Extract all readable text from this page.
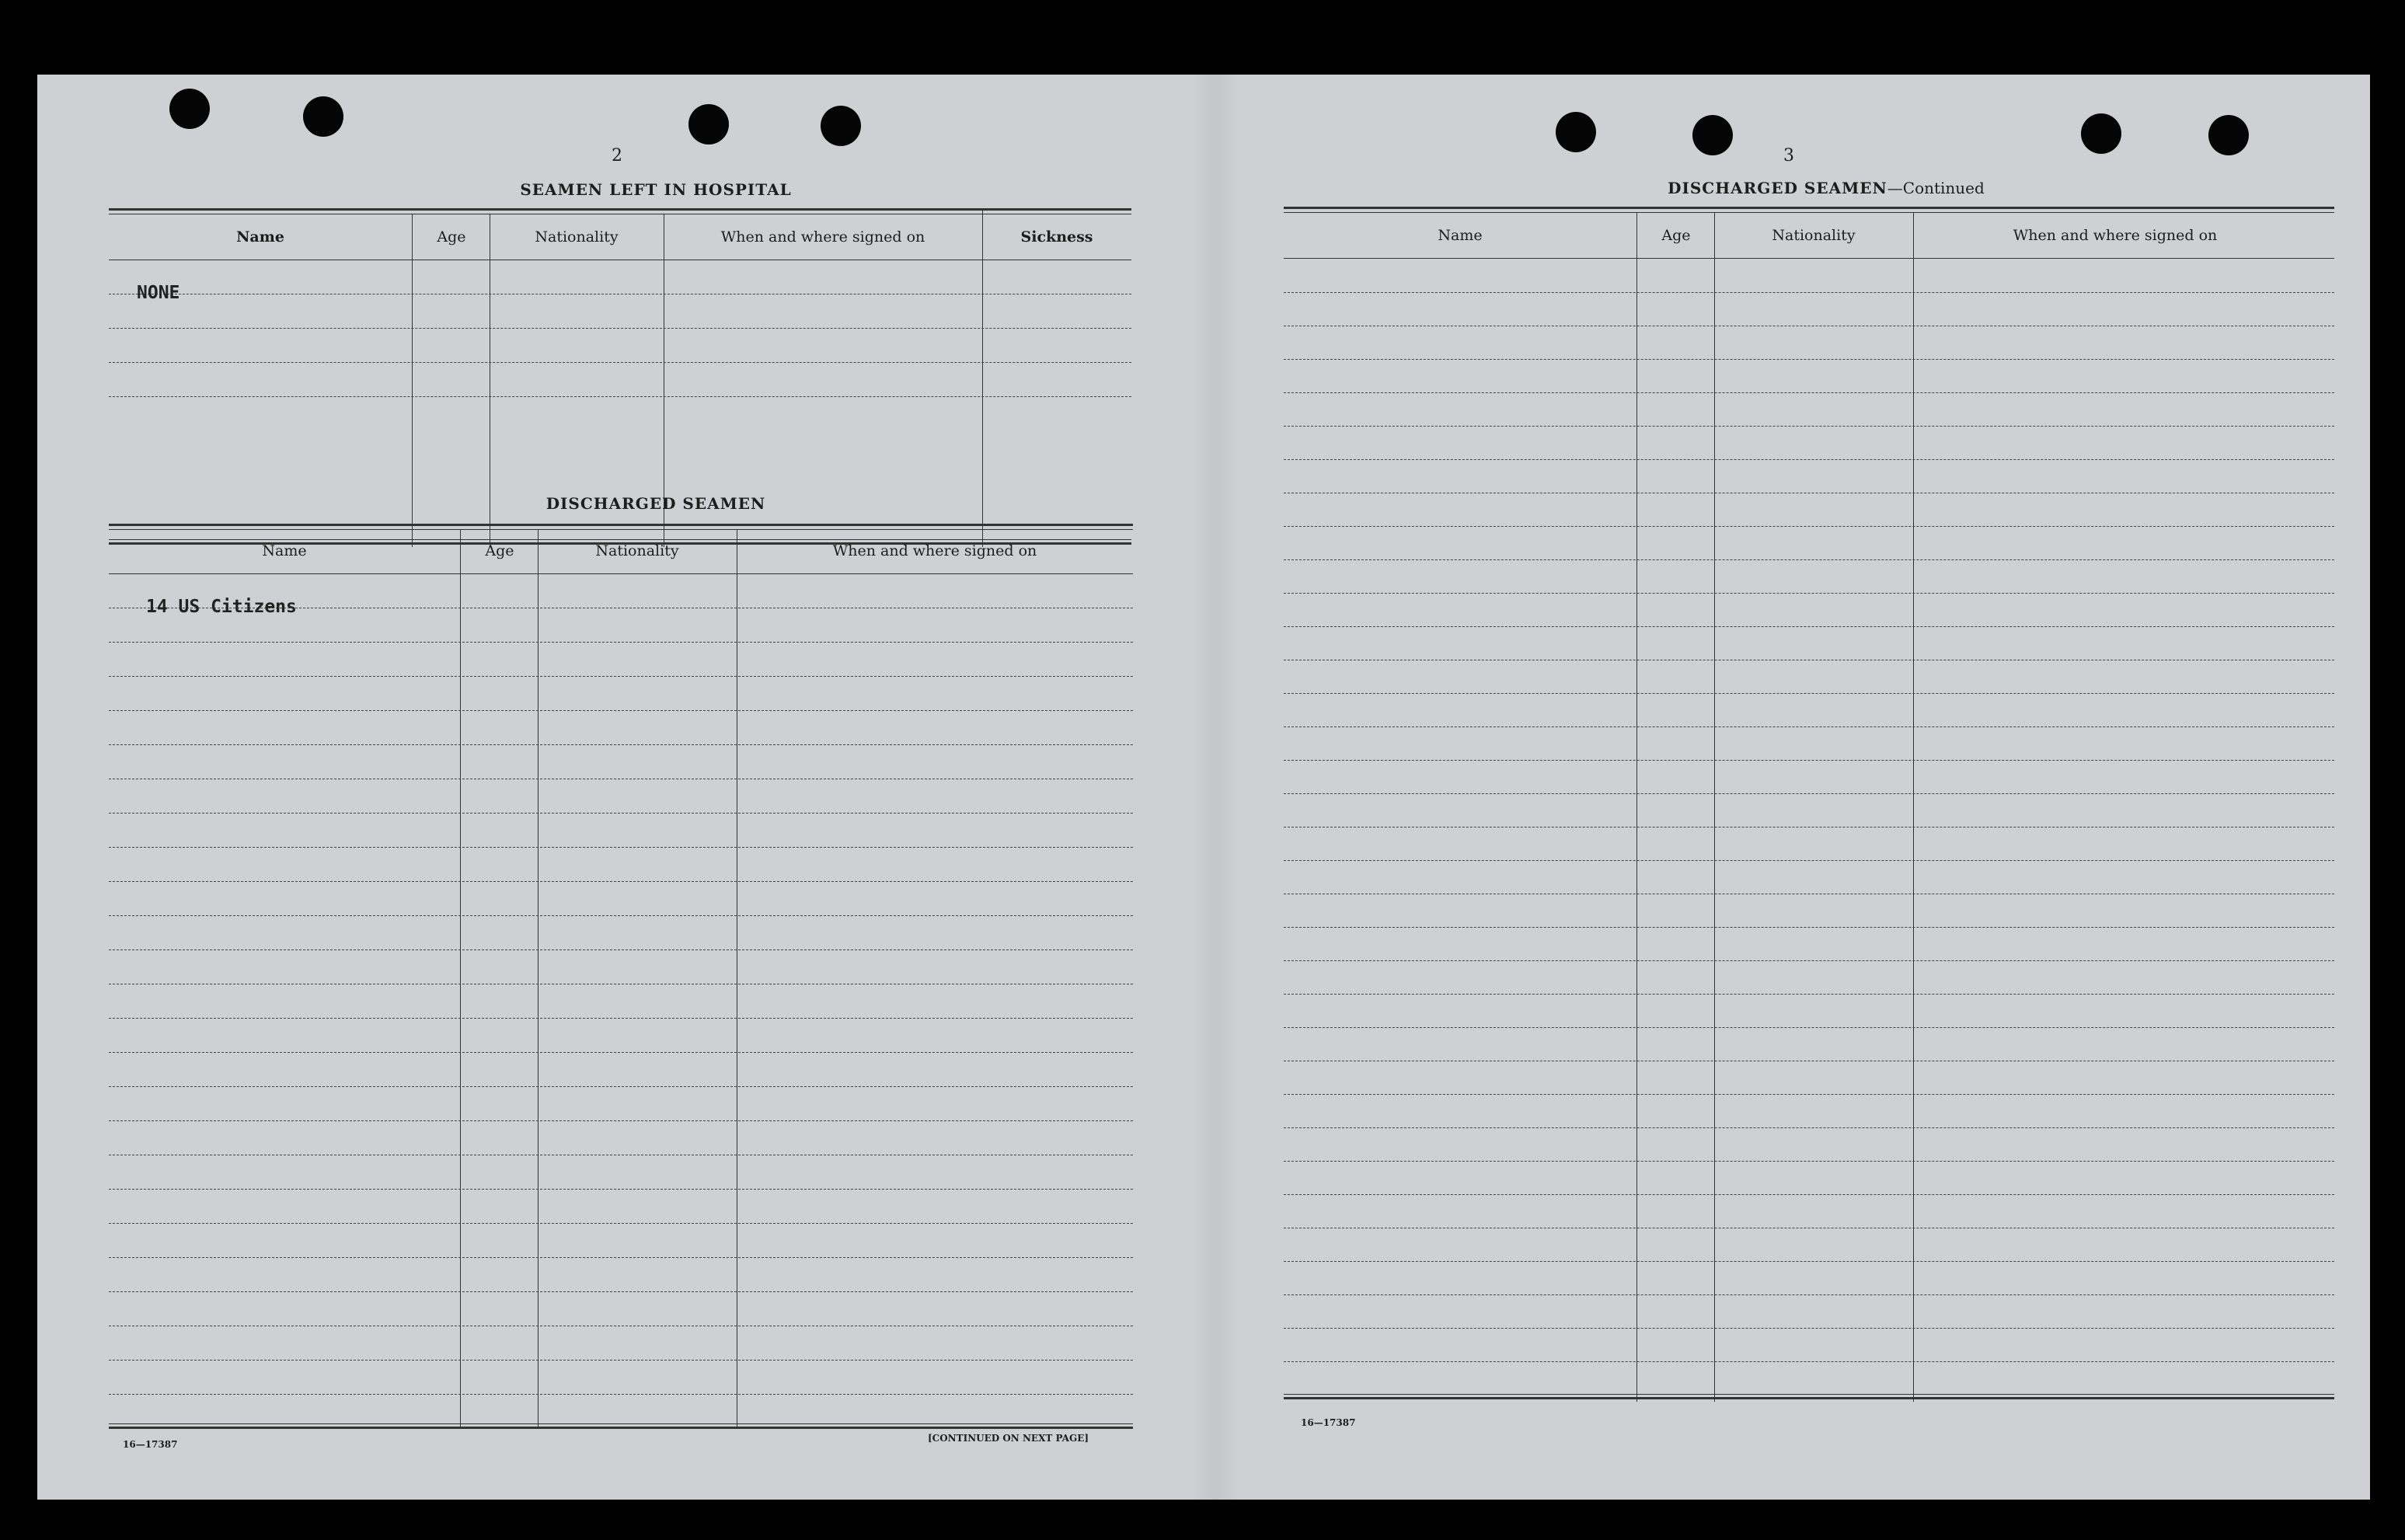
2
SEAMEN LEFT IN HOSPITAL
Name	Age	Nationality	When and where signed on	Sickness
NONE
DISCHARGED SEAMEN
Name	Age	Nationality	When and where signed on
14 US Citizens
16—17387
[CONTINUED ON NEXT PAGE]
3
DISCHARGED SEAMEN—Continued
Name	Age	Nationality	When and where signed on
16—17387
